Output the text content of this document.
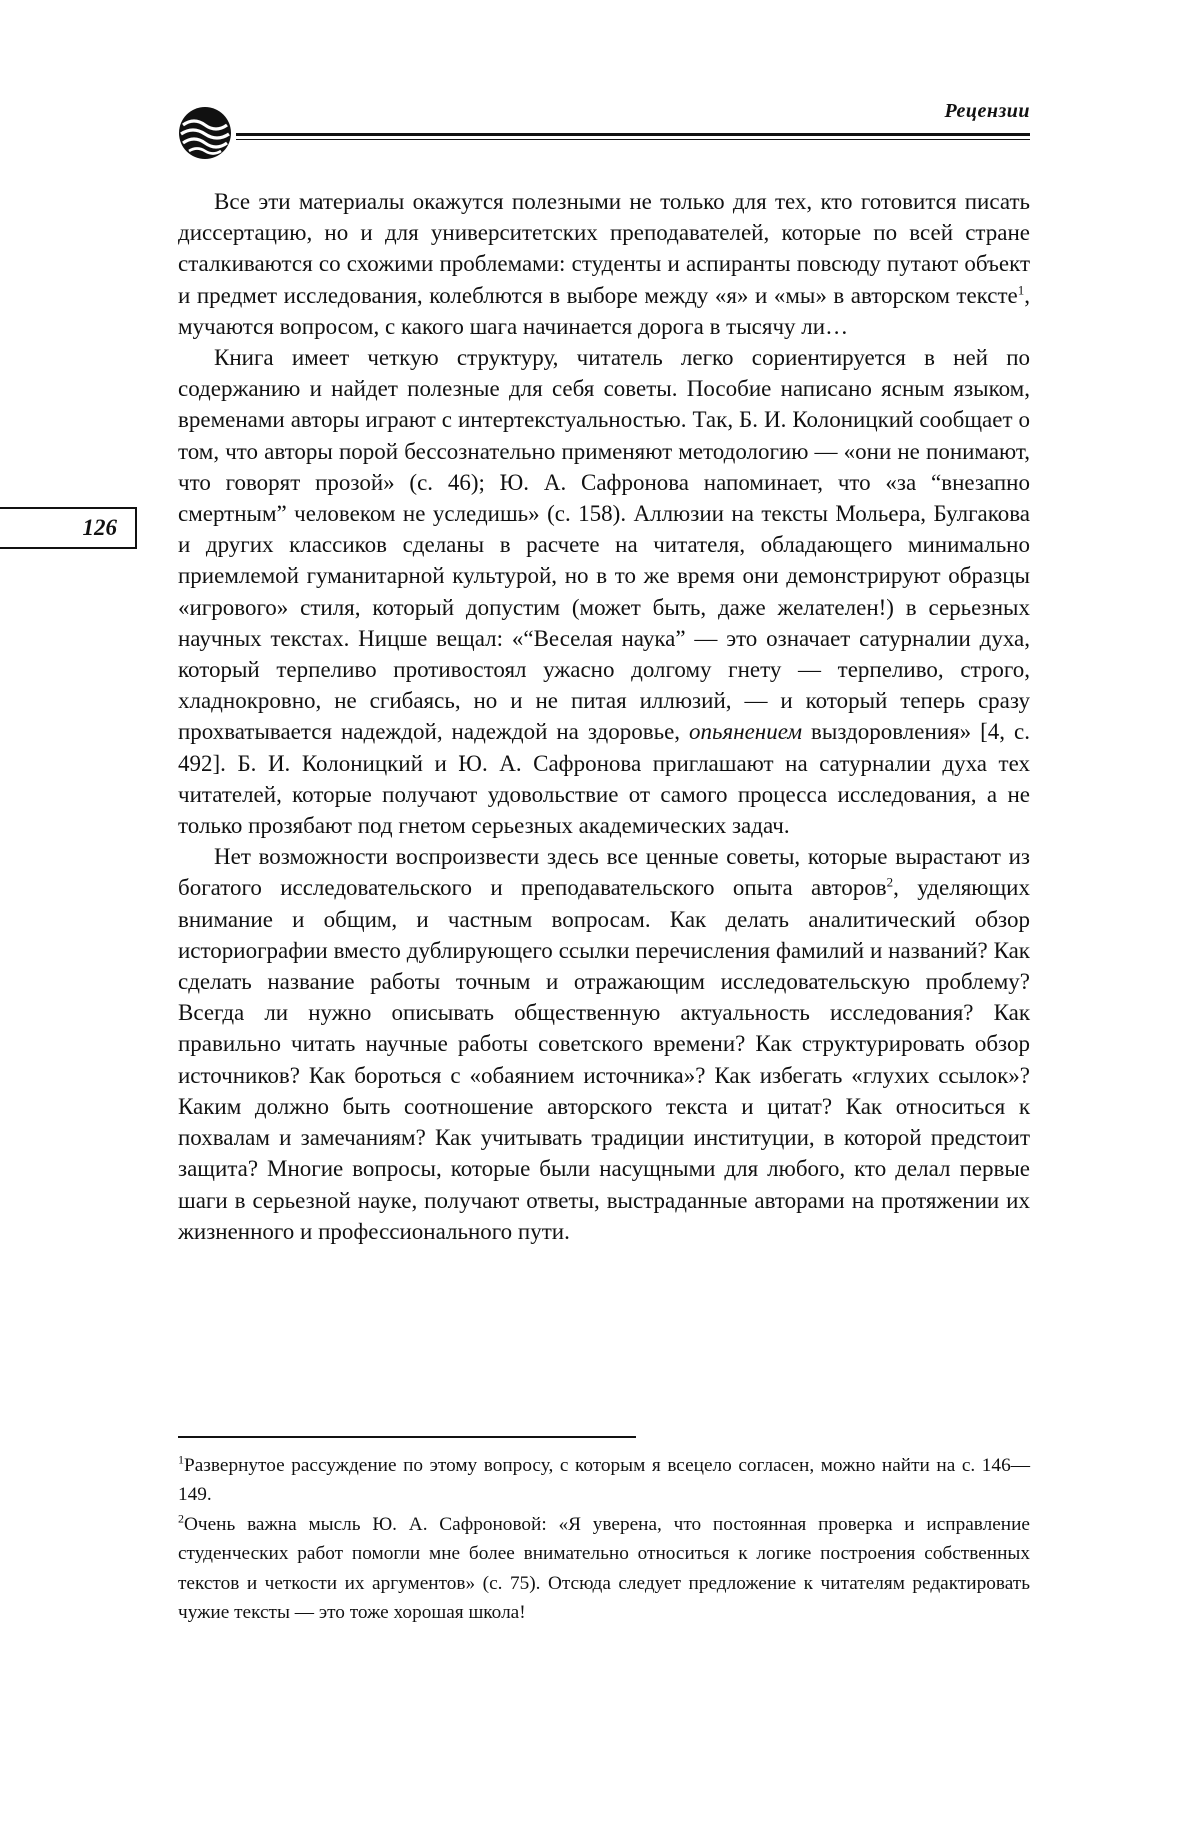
Рецензии
126

Все эти материалы окажутся полезными не только для тех, кто готовится писать диссертацию, но и для университетских преподавателей, которые по всей стране сталкиваются со схожими проблемами: студенты и аспиранты повсюду путают объект и предмет исследования, колеблются в выборе между «я» и «мы» в авторском тексте$^1$, мучаются вопросом, с какого шага начинается дорога в тысячу ли…

Книга имеет четкую структуру, читатель легко сориентируется в ней по содержанию и найдет полезные для себя советы. Пособие написано ясным языком, временами авторы играют с интертекстуальностью. Так, Б. И. Колоницкий сообщает о том, что авторы порой бессознательно применяют методологию — «они не понимают, что говорят прозой» (с. 46); Ю. А. Сафронова напоминает, что «за “внезапно смертным” человеком не уследишь» (с. 158). Аллюзии на тексты Мольера, Булгакова и других классиков сделаны в расчете на читателя, обладающего минимально приемлемой гуманитарной культурой, но в то же время они демонстрируют образцы «игрового» стиля, который допустим (может быть, даже желателен!) в серьезных научных текстах. Ницше вещал: «“Веселая наука” — это означает сатурналии духа, который терпеливо противостоял ужасно долгому гнету — терпеливо, строго, хладнокровно, не сгибаясь, но и не питая иллюзий, — и который теперь сразу прохватывается надеждой, надеждой на здоровье, опьянением выздоровления» [4, с. 492]. Б. И. Колоницкий и Ю. А. Сафронова приглашают на сатурналии духа тех читателей, которые получают удовольствие от самого процесса исследования, а не только прозябают под гнетом серьезных академических задач.

Нет возможности воспроизвести здесь все ценные советы, которые вырастают из богатого исследовательского и преподавательского опыта авторов$^2$, уделяющих внимание и общим, и частным вопросам. Как делать аналитический обзор историографии вместо дублирующего ссылки перечисления фамилий и названий? Как сделать название работы точным и отражающим исследовательскую проблему? Всегда ли нужно описывать общественную актуальность исследования? Как правильно читать научные работы советского времени? Как структурировать обзор источников? Как бороться с «обаянием источника»? Как избегать «глухих ссылок»? Каким должно быть соотношение авторского текста и цитат? Как относиться к похвалам и замечаниям? Как учитывать традиции институции, в которой предстоит защита? Многие вопросы, которые были насущными для любого, кто делал первые шаги в серьезной науке, получают ответы, выстраданные авторами на протяжении их жизненного и профессионального пути.

$^1$Развернутое рассуждение по этому вопросу, с которым я всецело согласен, можно найти на с. 146—149.

$^2$Очень важна мысль Ю. А. Сафроновой: «Я уверена, что постоянная проверка и исправление студенческих работ помогли мне более внимательно относиться к логике построения собственных текстов и четкости их аргументов» (с. 75). Отсюда следует предложение к читателям редактировать чужие тексты — это тоже хорошая школа!
